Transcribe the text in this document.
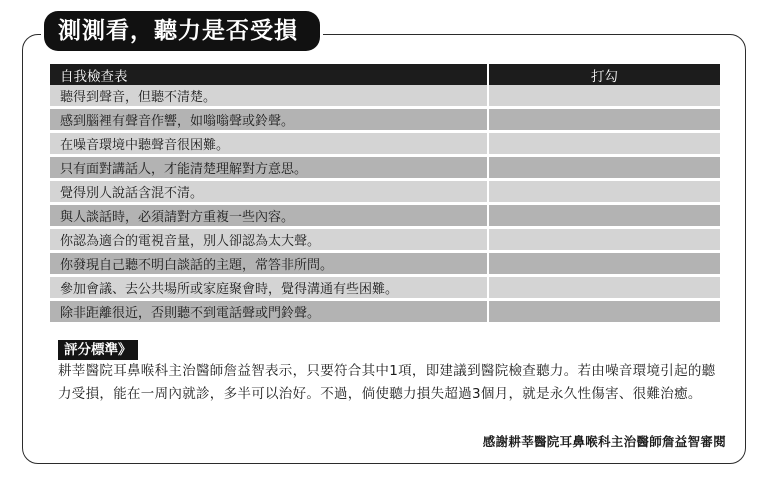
測測看，聽力是否受損
自我檢查表	打勾
聽得到聲音，但聽不清楚。	
感到腦裡有聲音作響，如嗡嗡聲或鈴聲。	
在噪音環境中聽聲音很困難。	
只有面對講話人，才能清楚理解對方意思。	
覺得別人說話含混不清。	
與人談話時，必須請對方重複一些內容。	
你認為適合的電視音量，別人卻認為太大聲。	
你發現自己聽不明白談話的主題，常答非所問。	
參加會議、去公共場所或家庭聚會時，覺得溝通有些困難。	
除非距離很近，否則聽不到電話聲或門鈴聲。	
評分標準》
耕莘醫院耳鼻喉科主治醫師詹益智表示，只要符合其中1項，即建議到醫院檢查聽力。若由噪音環境引起的聽力受損，能在一周內就診，多半可以治好。不過，倘使聽力損失超過3個月，就是永久性傷害、很難治癒。
感謝耕莘醫院耳鼻喉科主治醫師詹益智審閱
